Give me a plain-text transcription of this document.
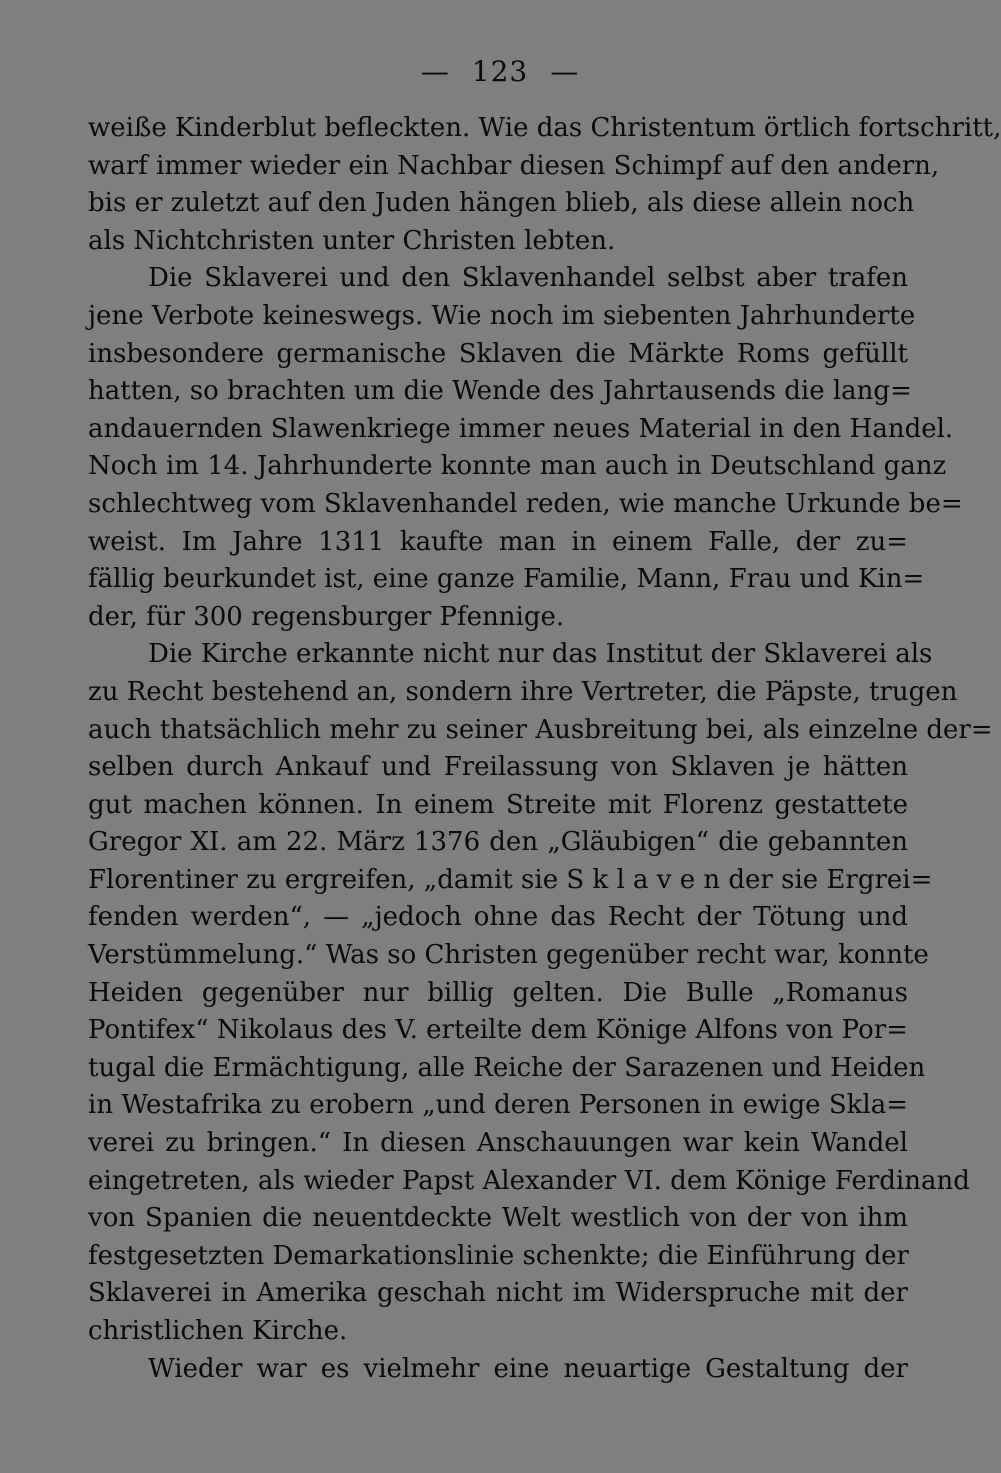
— 123 —
weiße Kinderblut befleckten. Wie das Christentum örtlich fortschritt,
warf immer wieder ein Nachbar diesen Schimpf auf den andern,
bis er zuletzt auf den Juden hängen blieb, als diese allein noch
als Nichtchristen unter Christen lebten.
Die Sklaverei und den Sklavenhandel selbst aber trafen
jene Verbote keineswegs. Wie noch im siebenten Jahrhunderte
insbesondere germanische Sklaven die Märkte Roms gefüllt
hatten, so brachten um die Wende des Jahrtausends die lang=
andauernden Slawenkriege immer neues Material in den Handel.
Noch im 14. Jahrhunderte konnte man auch in Deutschland ganz
schlechtweg vom Sklavenhandel reden, wie manche Urkunde be=
weist. Im Jahre 1311 kaufte man in einem Falle, der zu=
fällig beurkundet ist, eine ganze Familie, Mann, Frau und Kin=
der, für 300 regensburger Pfennige.
Die Kirche erkannte nicht nur das Institut der Sklaverei als
zu Recht bestehend an, sondern ihre Vertreter, die Päpste, trugen
auch thatsächlich mehr zu seiner Ausbreitung bei, als einzelne der=
selben durch Ankauf und Freilassung von Sklaven je hätten
gut machen können. In einem Streite mit Florenz gestattete
Gregor XI. am 22. März 1376 den „Gläubigen“ die gebannten
Florentiner zu ergreifen, „damit sie S k l a v e n der sie Ergrei=
fenden werden“, — „jedoch ohne das Recht der Tötung und
Verstümmelung.“ Was so Christen gegenüber recht war, konnte
Heiden gegenüber nur billig gelten. Die Bulle „Romanus
Pontifex“ Nikolaus des V. erteilte dem Könige Alfons von Por=
tugal die Ermächtigung, alle Reiche der Sarazenen und Heiden
in Westafrika zu erobern „und deren Personen in ewige Skla=
verei zu bringen.“ In diesen Anschauungen war kein Wandel
eingetreten, als wieder Papst Alexander VI. dem Könige Ferdinand
von Spanien die neuentdeckte Welt westlich von der von ihm
festgesetzten Demarkationslinie schenkte; die Einführung der
Sklaverei in Amerika geschah nicht im Widerspruche mit der
christlichen Kirche.
Wieder war es vielmehr eine neuartige Gestaltung der
